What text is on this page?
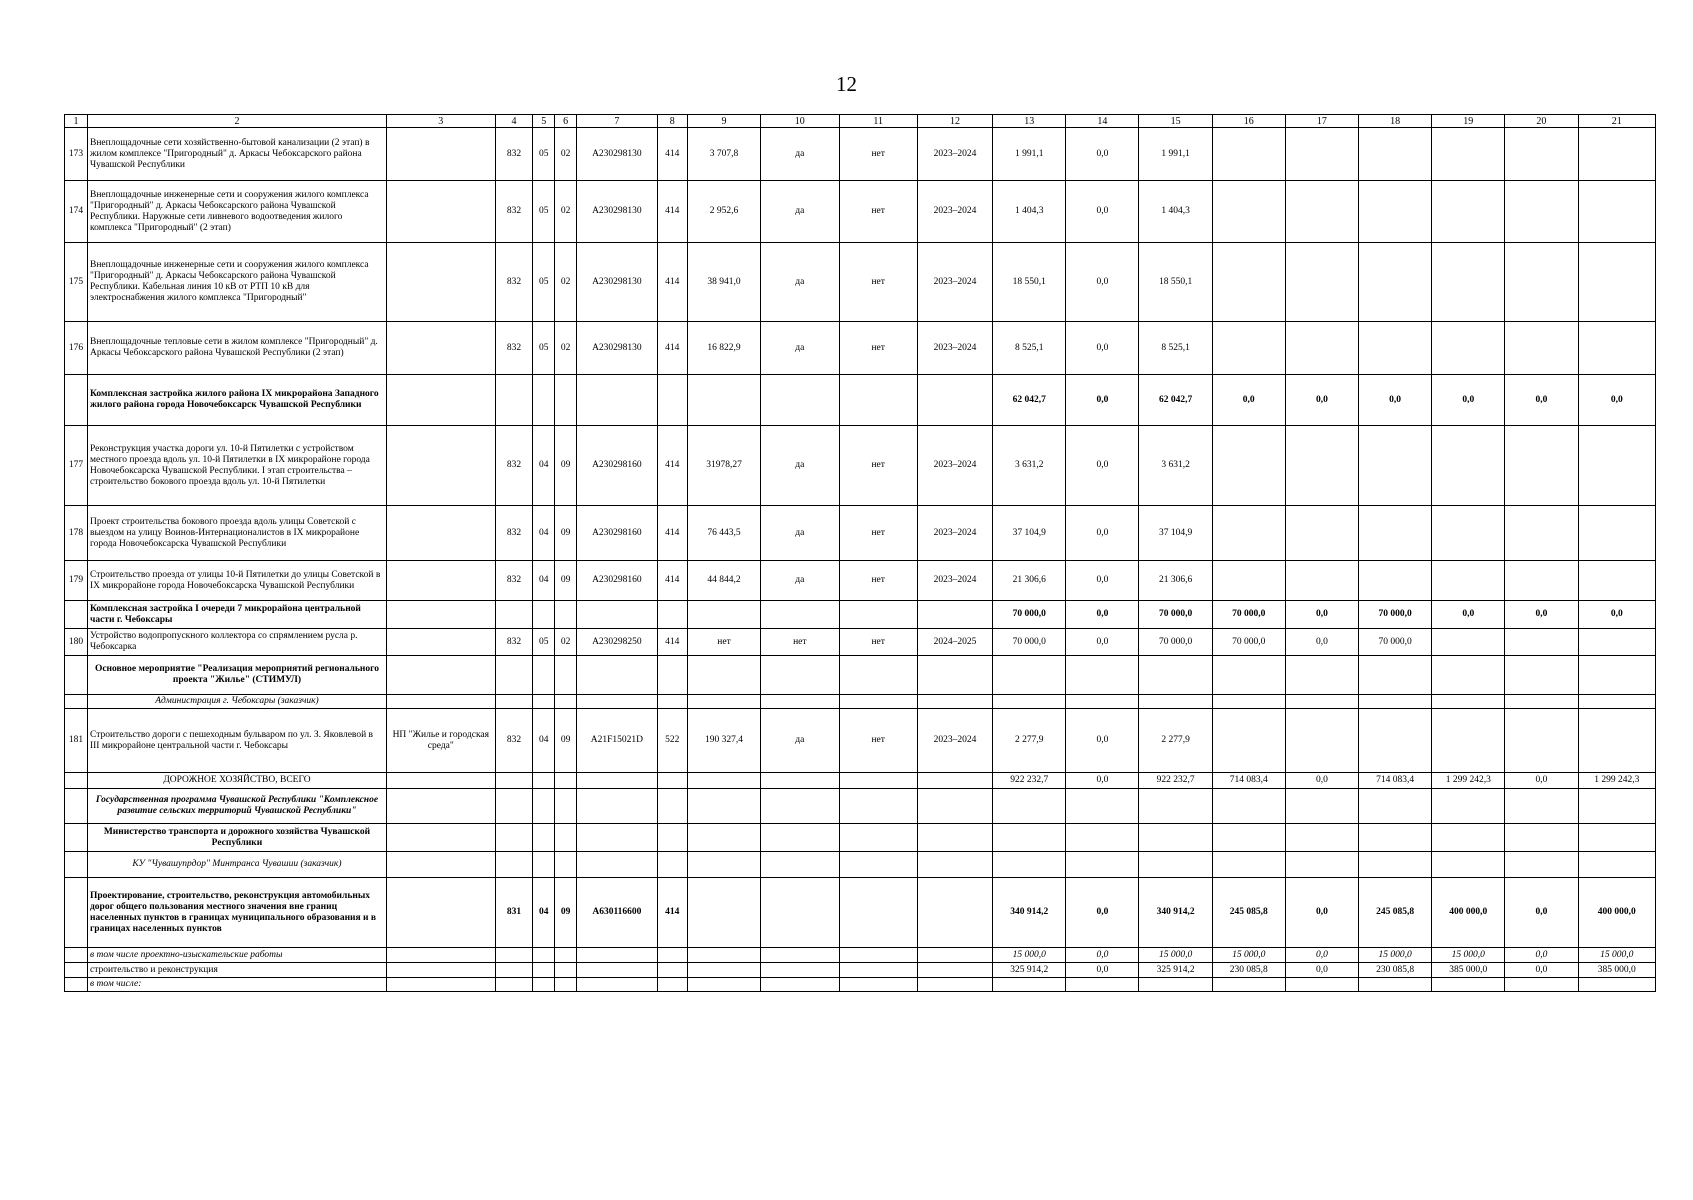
12
1	2	3	4	5	6	7	8	9	10	11	12	13	14	15	16	17	18	19	20	21
173	Внеплощадочные сети хозяйственно-бытовой канализации (2 этап) в жилом комплексе "Пригородный" д. Аркасы Чебоксарского района Чувашской Республики		832	05	02	А230298130	414	3 707,8	да	нет	2023–2024	1 991,1	0,0	1 991,1						
174	Внеплощадочные инженерные сети и сооружения жилого комплекса "Пригородный" д. Аркасы Чебоксарского района Чувашской Республики. Наружные сети ливневого водоотведения жилого комплекса "Пригородный" (2 этап)		832	05	02	А230298130	414	2 952,6	да	нет	2023–2024	1 404,3	0,0	1 404,3						
175	Внеплощадочные инженерные сети и сооружения жилого комплекса "Пригородный" д. Аркасы Чебоксарского района Чувашской Республики. Кабельная линия 10 кВ от РТП 10 кВ для электроснабжения жилого комплекса "Пригородный"		832	05	02	А230298130	414	38 941,0	да	нет	2023–2024	18 550,1	0,0	18 550,1						
176	Внеплощадочные тепловые сети в жилом комплексе "Пригородный" д. Аркасы Чебоксарского района Чувашской Республики (2 этап)		832	05	02	А230298130	414	16 822,9	да	нет	2023–2024	8 525,1	0,0	8 525,1						
	Комплексная застройка жилого района IX микрорайона Западного жилого района города Новочебоксарск Чувашской Республики											62 042,7	0,0	62 042,7	0,0	0,0	0,0	0,0	0,0	0,0
177	Реконструкция участка дороги ул. 10-й Пятилетки с устройством местного проезда вдоль ул. 10-й Пятилетки в IX микрорайоне города Новочебоксарска Чувашской Республики. I этап строительства – строительство бокового проезда вдоль ул. 10-й Пятилетки		832	04	09	А230298160	414	31978,27	да	нет	2023–2024	3 631,2	0,0	3 631,2						
178	Проект строительства бокового проезда вдоль улицы Советской с выездом на улицу Воинов-Интернационалистов в IX микрорайоне города Новочебоксарска Чувашской Республики		832	04	09	А230298160	414	76 443,5	да	нет	2023–2024	37 104,9	0,0	37 104,9						
179	Строительство проезда от улицы 10-й Пятилетки до улицы Советской в IX микрорайоне города Новочебоксарска Чувашской Республики		832	04	09	А230298160	414	44 844,2	да	нет	2023–2024	21 306,6	0,0	21 306,6						
	Комплексная застройка I очереди 7 микрорайона центральной части г. Чебоксары											70 000,0	0,0	70 000,0	70 000,0	0,0	70 000,0	0,0	0,0	0,0
180	Устройство водопропускного коллектора со спрямлением русла р. Чебоксарка		832	05	02	А230298250	414	нет	нет	нет	2024–2025	70 000,0	0,0	70 000,0	70 000,0	0,0	70 000,0			
	Основное мероприятие "Реализация мероприятий регионального проекта "Жилье" (СТИМУЛ)																			
	Администрация г. Чебоксары (заказчик)																			
181	Строительство дороги с пешеходным бульваром по ул. З. Яковлевой в III микрорайоне центральной части г. Чебоксары	НП "Жилье и городская среда"	832	04	09	А21F15021D	522	190 327,4	да	нет	2023–2024	2 277,9	0,0	2 277,9						
	ДОРОЖНОЕ ХОЗЯЙСТВО, ВСЕГО											922 232,7	0,0	922 232,7	714 083,4	0,0	714 083,4	1 299 242,3	0,0	1 299 242,3
	Государственная программа Чувашской Республики "Комплексное развитие сельских территорий Чувашской Республики"																			
	Министерство транспорта и дорожного хозяйства Чувашской Республики																			
	КУ "Чувашупрдор" Минтранса Чувашии (заказчик)																			
	Проектирование, строительство, реконструкция автомобильных дорог общего пользования местного значения вне границ населенных пунктов в границах муниципального образования и в границах населенных пунктов		831	04	09	А630116600	414					340 914,2	0,0	340 914,2	245 085,8	0,0	245 085,8	400 000,0	0,0	400 000,0
	в том числе проектно-изыскательские работы											15 000,0	0,0	15 000,0	15 000,0	0,0	15 000,0	15 000,0	0,0	15 000,0
	строительство и реконструкция											325 914,2	0,0	325 914,2	230 085,8	0,0	230 085,8	385 000,0	0,0	385 000,0
	в том числе:																			
